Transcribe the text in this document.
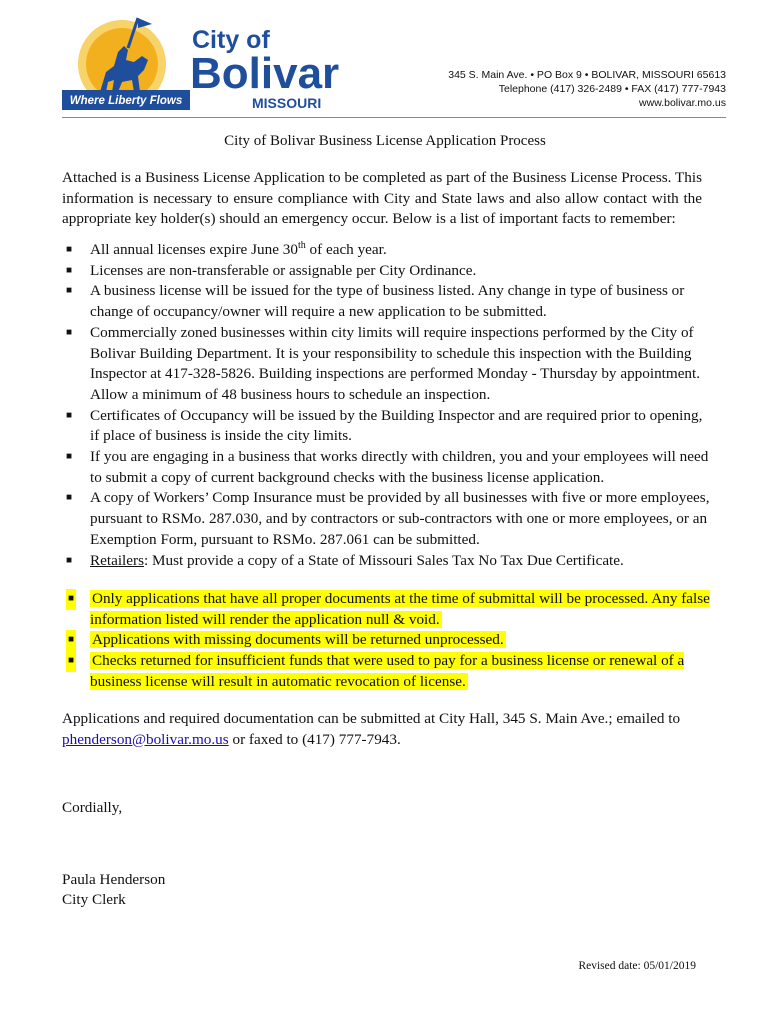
Where Liberty Flows
City of
Bolivar
MISSOURI
345 S. Main Ave. • PO Box 9 • BOLIVAR, MISSOURI 65613
Telephone (417) 326-2489 • FAX (417) 777-7943
www.bolivar.mo.us
City of Bolivar Business License Application Process

Attached is a Business License Application to be completed as part of the Business License Process. This information is necessary to ensure compliance with City and State laws and also allow contact with the appropriate key holder(s) should an emergency occur. Below is a list of important facts to remember:

■ All annual licenses expire June 30th of each year.
■ Licenses are non-transferable or assignable per City Ordinance.
■ A business license will be issued for the type of business listed. Any change in type of business or change of occupancy/owner will require a new application to be submitted.
■ Commercially zoned businesses within city limits will require inspections performed by the City of Bolivar Building Department. It is your responsibility to schedule this inspection with the Building Inspector at 417-328-5826. Building inspections are performed Monday - Thursday by appointment. Allow a minimum of 48 business hours to schedule an inspection.
■ Certificates of Occupancy will be issued by the Building Inspector and are required prior to opening, if place of business is inside the city limits.
■ If you are engaging in a business that works directly with children, you and your employees will need to submit a copy of current background checks with the business license application.
■ A copy of Workers’ Comp Insurance must be provided by all businesses with five or more employees, pursuant to RSMo. 287.030, and by contractors or sub-contractors with one or more employees, or an Exemption Form, pursuant to RSMo. 287.061 can be submitted.
■ Retailers: Must provide a copy of a State of Missouri Sales Tax No Tax Due Certificate.
■ Only applications that have all proper documents at the time of submittal will be processed. Any false information listed will render the application null & void.
■ Applications with missing documents will be returned unprocessed.
■ Checks returned for insufficient funds that were used to pay for a business license or renewal of a business license will result in automatic revocation of license.

Applications and required documentation can be submitted at City Hall, 345 S. Main Ave.; emailed to phenderson@bolivar.mo.us or faxed to (417) 777-7943.

Cordially,
Paula Henderson
City Clerk
Revised date: 05/01/2019
